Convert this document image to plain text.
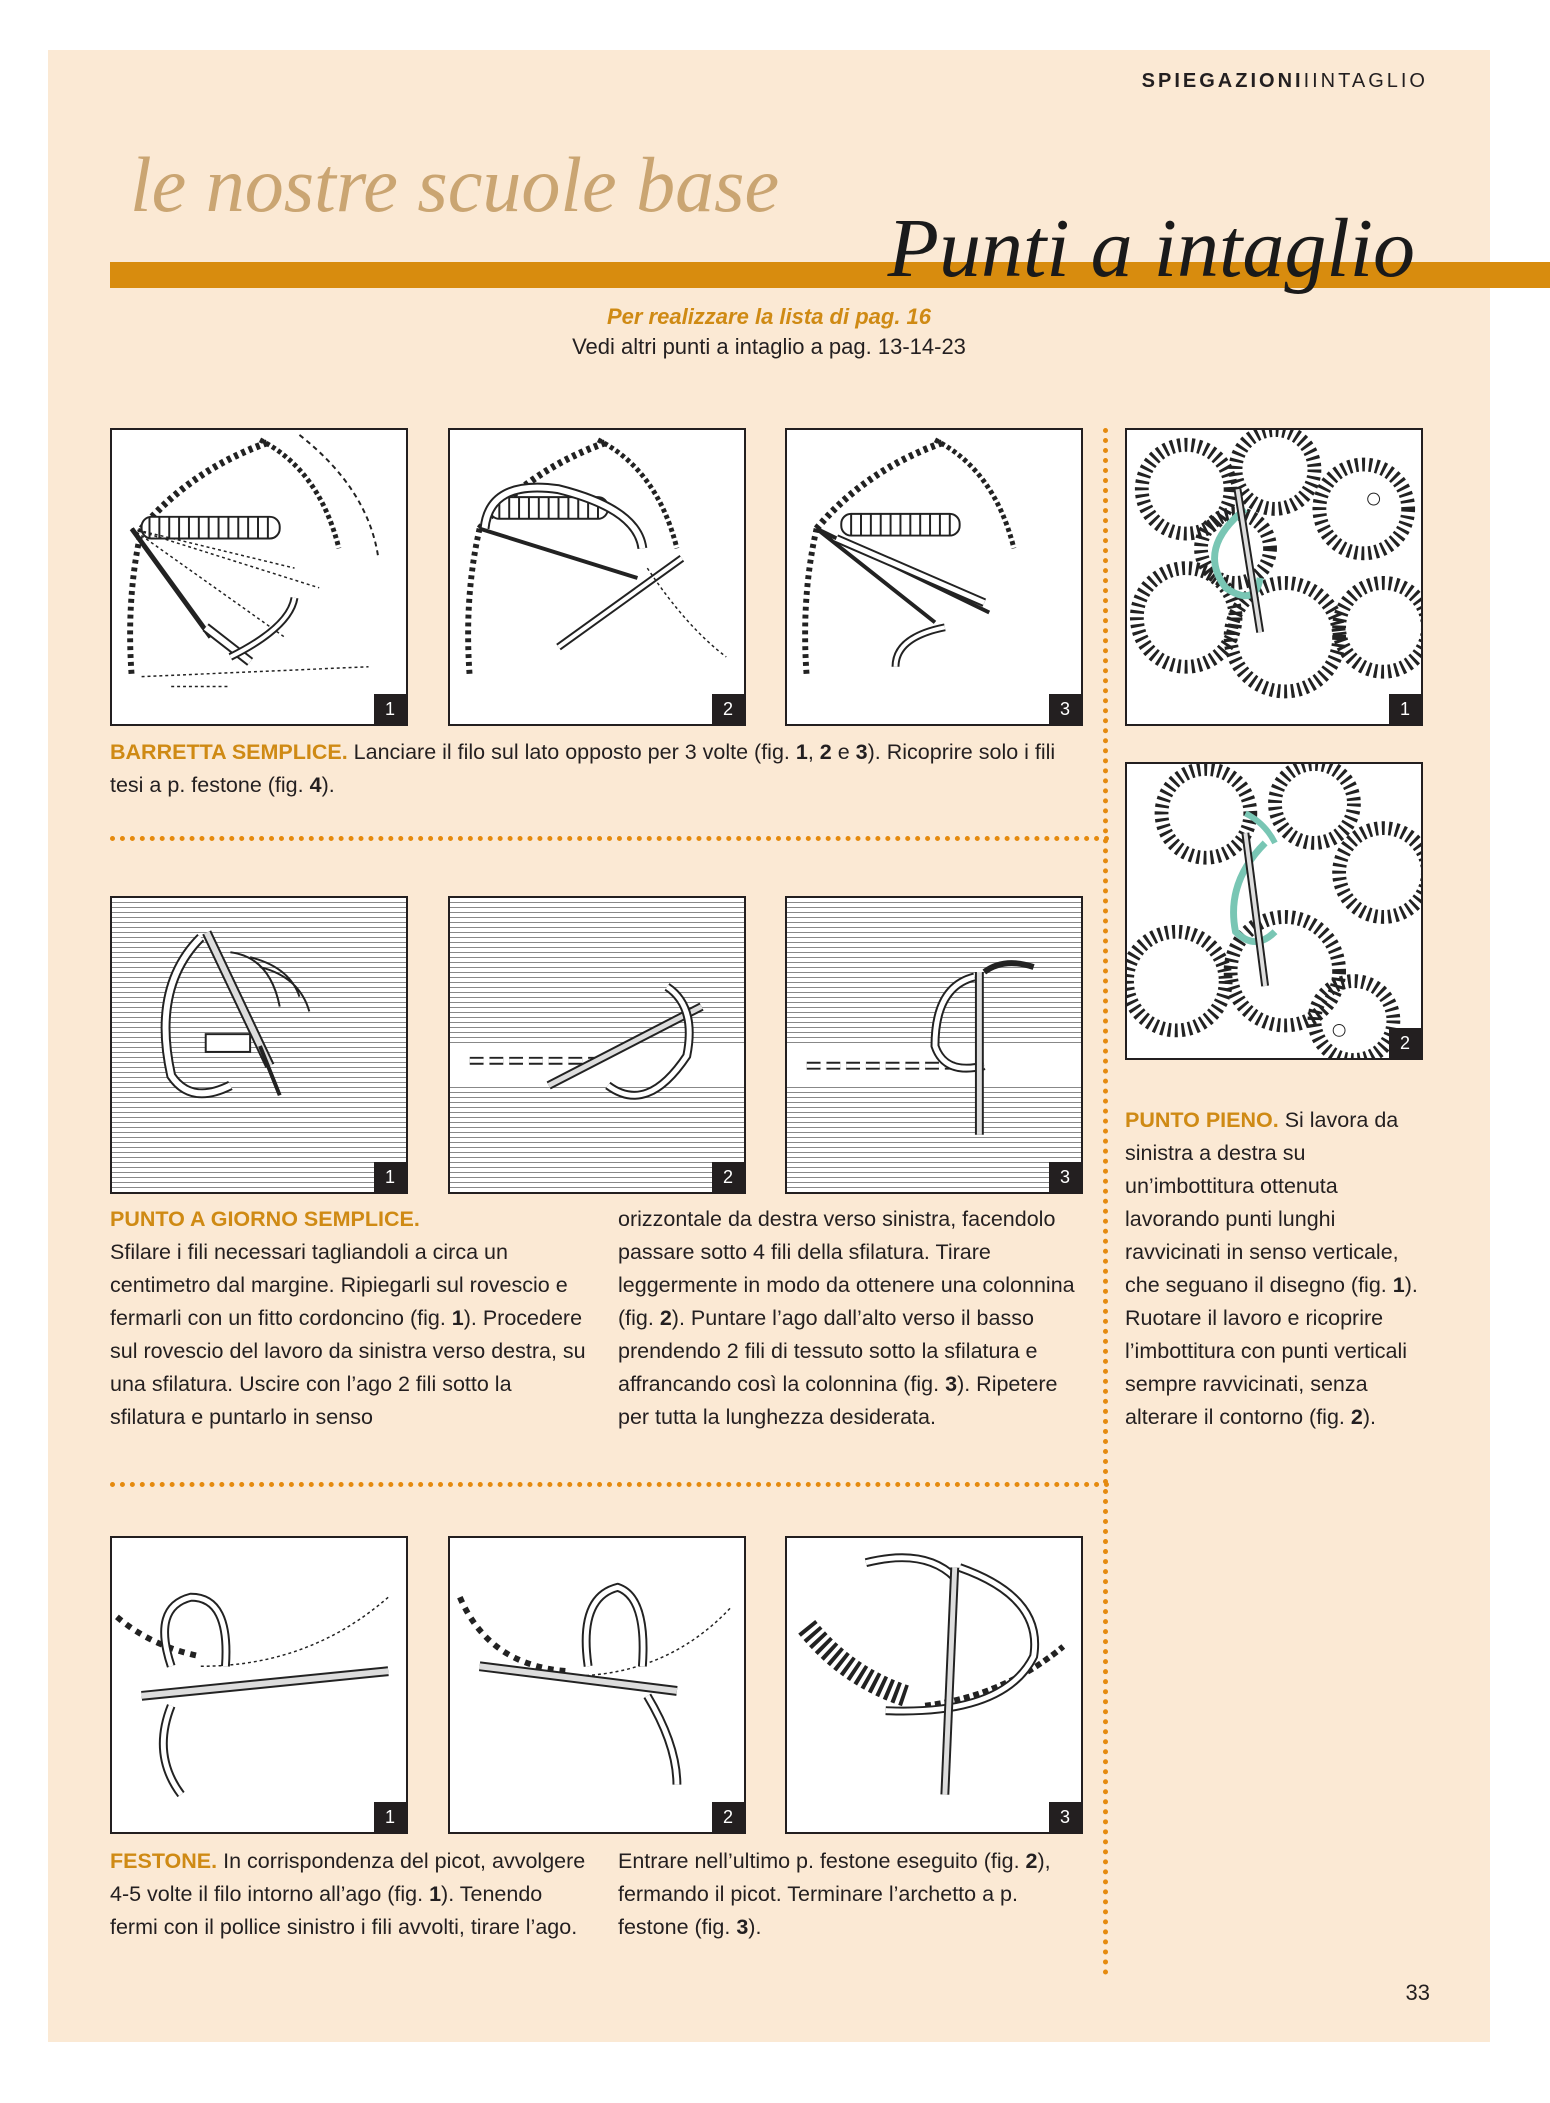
SPIEGAZIONIIINTAGLIO
le nostre scuole base
Punti a intaglio
Per realizzare la lista di pag. 16
Vedi altri punti a intaglio a pag. 13-14-23
1	2	3
BARRETTA SEMPLICE. Lanciare il filo sul lato opposto per 3 volte (fig. 1, 2 e 3). Ricoprire solo i fili tesi a p. festone (fig. 4).
1
2
PUNTO PIENO. Si lavora da sinistra a destra su un’imbottitura ottenuta lavorando punti lunghi ravvicinati in senso verticale, che seguano il disegno (fig. 1). Ruotare il lavoro e ricoprire l’imbottitura con punti verticali sempre ravvicinati, senza alterare il contorno (fig. 2).
1	2	3
PUNTO A GIORNO SEMPLICE.
Sfilare i fili necessari tagliandoli a circa un centimetro dal margine. Ripiegarli sul rovescio e fermarli con un fitto cordoncino (fig. 1). Procedere sul rovescio del lavoro da sinistra verso destra, su una sfilatura. Uscire con l’ago 2 fili sotto la sfilatura e puntarlo in senso
orizzontale da destra verso sinistra, facendolo passare sotto 4 fili della sfilatura. Tirare leggermente in modo da ottenere una colonnina (fig. 2). Puntare l’ago dall’alto verso il basso prendendo 2 fili di tessuto sotto la sfilatura e affrancando così la colonnina (fig. 3). Ripetere per tutta la lunghezza desiderata.
1	2	3
FESTONE. In corrispondenza del picot, avvolgere 4-5 volte il filo intorno all’ago (fig. 1). Tenendo fermi con il pollice sinistro i fili avvolti, tirare l’ago.
Entrare nell’ultimo p. festone eseguito (fig. 2), fermando il picot. Terminare l’archetto a p. festone (fig. 3).
33
